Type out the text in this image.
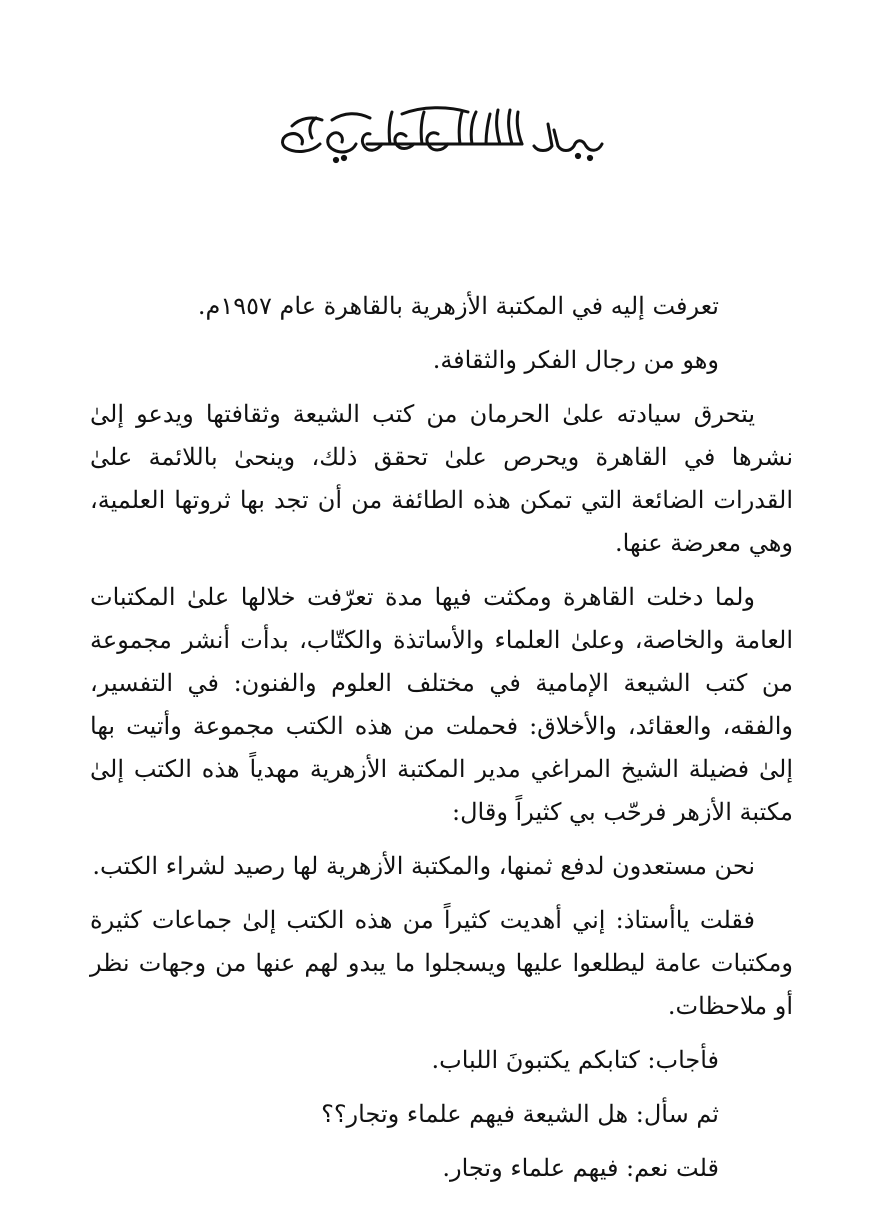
تعرفت إليه في المكتبة الأزهرية بالقاهرة عام ١٩٥٧م.

وهو من رجال الفكر والثقافة.

يتحرق سيادته علىٰ الحرمان من كتب الشيعة وثقافتها ويدعو إلىٰ نشرها في القاهرة ويحرص علىٰ تحقق ذلك، وينحىٰ باللائمة علىٰ القدرات الضائعة التي تمكن هذه الطائفة من أن تجد بها ثروتها العلمية، وهي معرضة عنها.

ولما دخلت القاهرة ومكثت فيها مدة تعرّفت خلالها علىٰ المكتبات العامة والخاصة، وعلىٰ العلماء والأساتذة والكتّاب، بدأت أنشر مجموعة من كتب الشيعة الإمامية في مختلف العلوم والفنون: في التفسير، والفقه، والعقائد، والأخلاق: فحملت من هذه الكتب مجموعة وأتيت بها إلىٰ فضيلة الشيخ المراغي مدير المكتبة الأزهرية مهدياً هذه الكتب إلىٰ مكتبة الأزهر فرحّب بي كثيراً وقال:

نحن مستعدون لدفع ثمنها، والمكتبة الأزهرية لها رصيد لشراء الكتب.

فقلت ياأستاذ: إني أهديت كثيراً من هذه الكتب إلىٰ جماعات كثيرة ومكتبات عامة ليطلعوا عليها ويسجلوا ما يبدو لهم عنها من وجهات نظر أو ملاحظات.

فأجاب: كتابكم يكتبونَ اللباب.

ثم سأل: هل الشيعة فيهم علماء وتجار؟؟

قلت نعم: فيهم علماء وتجار.
